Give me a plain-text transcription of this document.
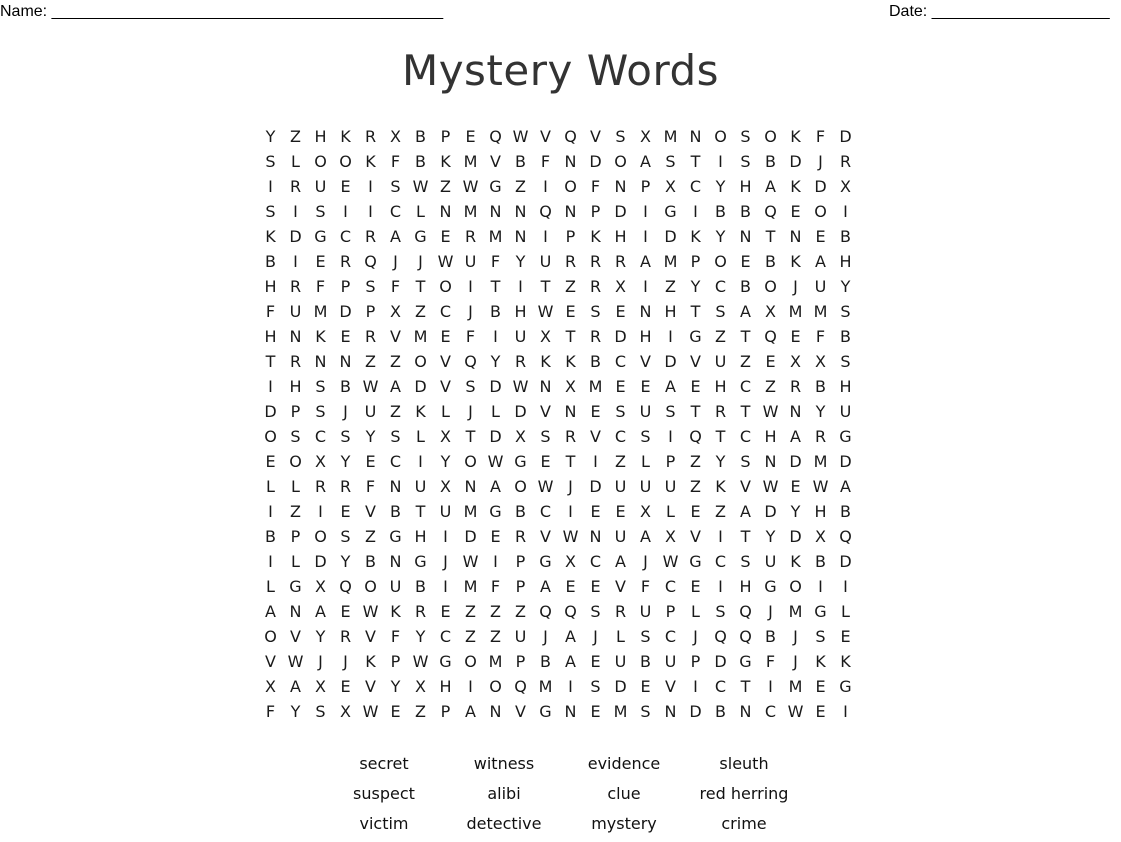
Name: ____________________________________________	Date: ____________________
Mystery Words
Y Z H K R X B P E Q W V Q V S X M N O S O K F D
S L O O K F B K M V B F N D O A S T I S B D J R
I R U E I S W Z W G Z I O F N P X C Y H A K D X
S I S I I C L N M N N Q N P D I G I B B Q E O I
K D G C R A G E R M N I P K H I D K Y N T N E B
B I E R Q J J W U F Y U R R R A M P O E B K A H
H R F P S F T O I T I T Z R X I Z Y C B O J U Y
F U M D P X Z C J B H W E S E N H T S A X M M S
H N K E R V M E F I U X T R D H I G Z T Q E F B
T R N N Z Z O V Q Y R K K B C V D V U Z E X X S
I H S B W A D V S D W N X M E E A E H C Z R B H
D P S J U Z K L J L D V N E S U S T R T W N Y U
O S C S Y S L X T D X S R V C S I Q T C H A R G
E O X Y E C I Y O W G E T I Z L P Z Y S N D M D
L L R R F N U X N A O W J D U U U Z K V W E W A
I Z I E V B T U M G B C I E E X L E Z A D Y H B
B P O S Z G H I D E R V W N U A X V I T Y D X Q
I L D Y B N G J W I P G X C A J W G C S U K B D
L G X Q O U B I M F P A E E V F C E I H G O I I
A N A E W K R E Z Z Z Q Q S R U P L S Q J M G L
O V Y R V F Y C Z Z U J A J L S C J Q Q B J S E
V W J J K P W G O M P B A E U B U P D G F J K K
X A X E V Y X H I O Q M I S D E V I C T I M E G
F Y S X W E Z P A N V G N E M S N D B N C W E I
secret	witness	evidence	sleuth
suspect	alibi	clue	red herring
victim	detective	mystery	crime
